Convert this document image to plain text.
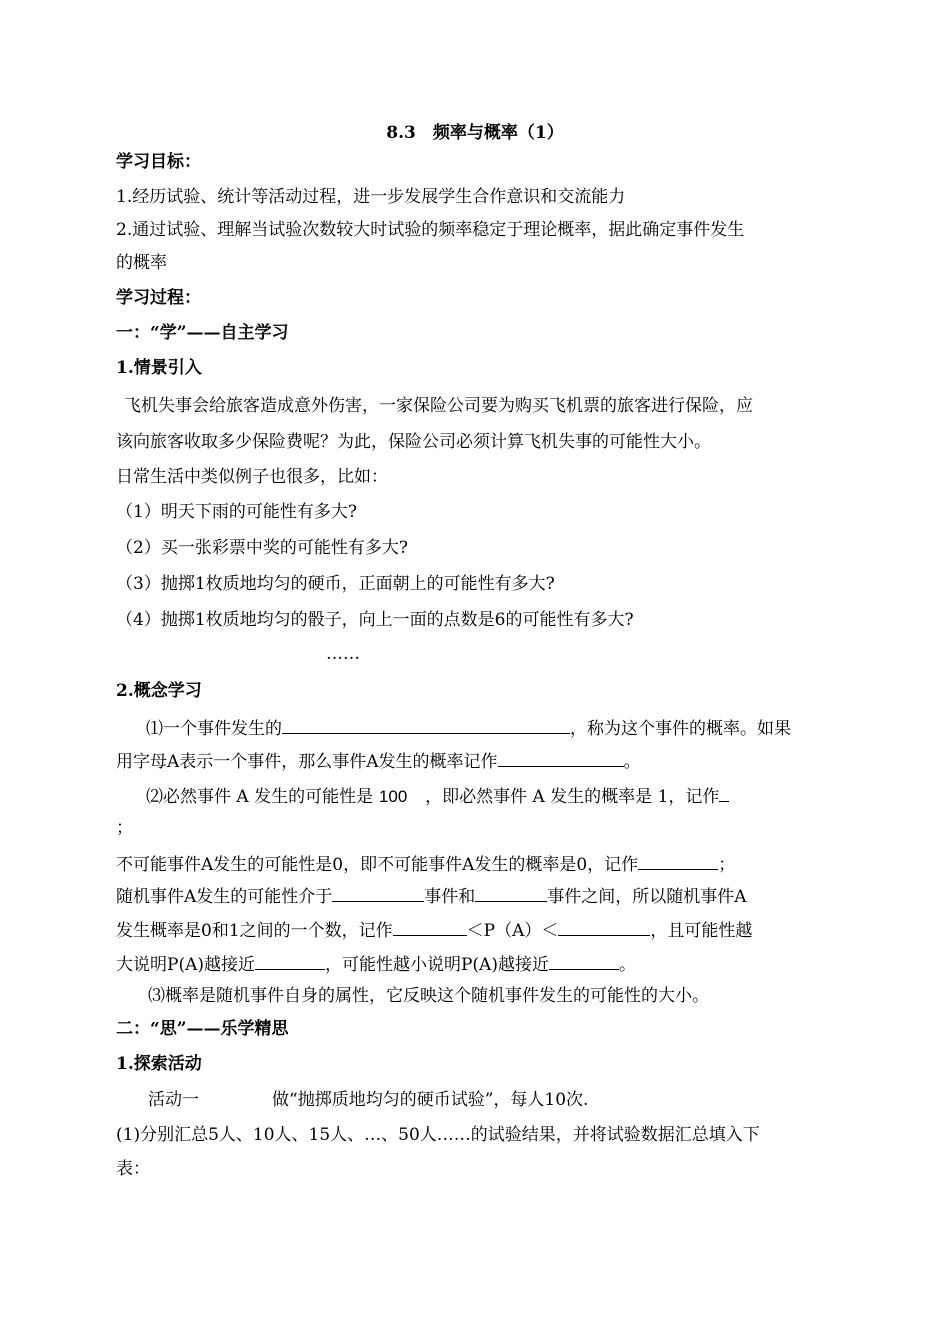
8.3　频率与概率（1）
学习目标：
1.经历试验、统计等活动过程，进一步发展学生合作意识和交流能力
2.通过试验、理解当试验次数较大时试验的频率稳定于理论概率，据此确定事件发生
的概率
学习过程：
一：“学”——自主学习
1.情景引入
飞机失事会给旅客造成意外伤害，一家保险公司要为购买飞机票的旅客进行保险，应
该向旅客收取多少保险费呢？为此，保险公司必须计算飞机失事的可能性大小。
日常生活中类似例子也很多，比如：
（1）明天下雨的可能性有多大?
（2）买一张彩票中奖的可能性有多大?
（3）抛掷1枚质地均匀的硬币，正面朝上的可能性有多大?
（4）抛掷1枚质地均匀的骰子，向上一面的点数是6的可能性有多大?
……
2.概念学习
⑴一个事件发生的	，称为这个事件的概率。如果
用字母A表示一个事件，那么事件A发生的概率记作	。
⑵必然事件 A 发生的可能性是 100 ，即必然事件 A 发生的概率是 1，记作
；
不可能事件A发生的可能性是0，即不可能事件A发生的概率是0，记作	；
随机事件A发生的可能性介于	事件和	事件之间，所以随机事件A
发生概率是0和1之间的一个数，记作	＜P（A）＜	，且可能性越
大说明P(A)越接近	，可能性越小说明P(A)越接近	。
⑶概率是随机事件自身的属性，它反映这个随机事件发生的可能性的大小。
二：“思”——乐学精思
1.探索活动
活动一	做“抛掷质地均匀的硬币试验”，每人10次.
(1)分别汇总5人、10人、15人、…、50人……的试验结果，并将试验数据汇总填入下
表：
